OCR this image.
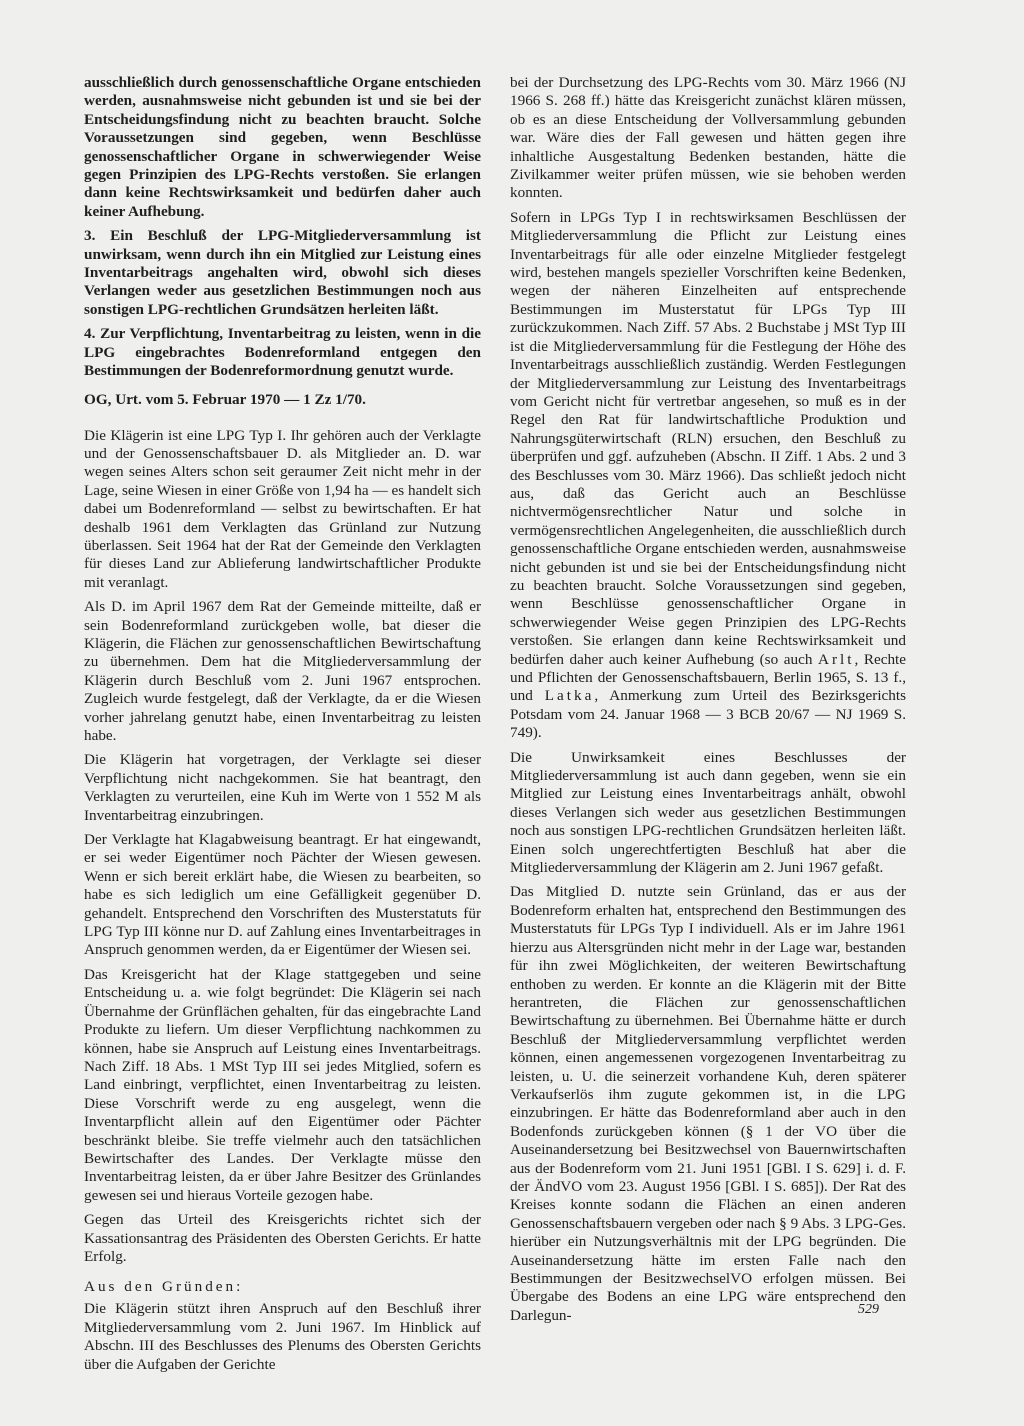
ausschließlich durch genossenschaftliche Organe entschieden werden, ausnahmsweise nicht gebunden ist und sie bei der Entscheidungsfindung nicht zu beachten braucht. Solche Voraussetzungen sind gegeben, wenn Beschlüsse genossenschaftlicher Organe in schwerwiegender Weise gegen Prinzipien des LPG-Rechts verstoßen. Sie erlangen dann keine Rechtswirksamkeit und bedürfen daher auch keiner Aufhebung.

3. Ein Beschluß der LPG-Mitgliederversammlung ist unwirksam, wenn durch ihn ein Mitglied zur Leistung eines Inventarbeitrags angehalten wird, obwohl sich dieses Verlangen weder aus gesetzlichen Bestimmungen noch aus sonstigen LPG-rechtlichen Grundsätzen herleiten läßt.

4. Zur Verpflichtung, Inventarbeitrag zu leisten, wenn in die LPG eingebrachtes Bodenreformland entgegen den Bestimmungen der Bodenreformordnung genutzt wurde.

OG, Urt. vom 5. Februar 1970 — 1 Zz 1/70.

Die Klägerin ist eine LPG Typ I. Ihr gehören auch der Verklagte und der Genossenschaftsbauer D. als Mitglieder an. D. war wegen seines Alters schon seit geraumer Zeit nicht mehr in der Lage, seine Wiesen in einer Größe von 1,94 ha — es handelt sich dabei um Bodenreformland — selbst zu bewirtschaften. Er hat deshalb 1961 dem Verklagten das Grünland zur Nutzung überlassen. Seit 1964 hat der Rat der Gemeinde den Verklagten für dieses Land zur Ablieferung landwirtschaftlicher Produkte mit veranlagt.

Als D. im April 1967 dem Rat der Gemeinde mitteilte, daß er sein Bodenreformland zurückgeben wolle, bat dieser die Klägerin, die Flächen zur genossenschaftlichen Bewirtschaftung zu übernehmen. Dem hat die Mitgliederversammlung der Klägerin durch Beschluß vom 2. Juni 1967 entsprochen. Zugleich wurde festgelegt, daß der Verklagte, da er die Wiesen vorher jahrelang genutzt habe, einen Inventarbeitrag zu leisten habe.

Die Klägerin hat vorgetragen, der Verklagte sei dieser Verpflichtung nicht nachgekommen. Sie hat beantragt, den Verklagten zu verurteilen, eine Kuh im Werte von 1 552 M als Inventarbeitrag einzubringen.

Der Verklagte hat Klagabweisung beantragt. Er hat eingewandt, er sei weder Eigentümer noch Pächter der Wiesen gewesen. Wenn er sich bereit erklärt habe, die Wiesen zu bearbeiten, so habe es sich lediglich um eine Gefälligkeit gegenüber D. gehandelt. Entsprechend den Vorschriften des Musterstatuts für LPG Typ III könne nur D. auf Zahlung eines Inventarbeitrages in Anspruch genommen werden, da er Eigentümer der Wiesen sei.

Das Kreisgericht hat der Klage stattgegeben und seine Entscheidung u. a. wie folgt begründet: Die Klägerin sei nach Übernahme der Grünflächen gehalten, für das eingebrachte Land Produkte zu liefern. Um dieser Verpflichtung nachkommen zu können, habe sie Anspruch auf Leistung eines Inventarbeitrags. Nach Ziff. 18 Abs. 1 MSt Typ III sei jedes Mitglied, sofern es Land einbringt, verpflichtet, einen Inventarbeitrag zu leisten. Diese Vorschrift werde zu eng ausgelegt, wenn die Inventarpflicht allein auf den Eigentümer oder Pächter beschränkt bleibe. Sie treffe vielmehr auch den tatsächlichen Bewirtschafter des Landes. Der Verklagte müsse den Inventarbeitrag leisten, da er über Jahre Besitzer des Grünlandes gewesen sei und hieraus Vorteile gezogen habe.

Gegen das Urteil des Kreisgerichts richtet sich der Kassationsantrag des Präsidenten des Obersten Gerichts. Er hatte Erfolg.

Aus den Gründen:

Die Klägerin stützt ihren Anspruch auf den Beschluß ihrer Mitgliederversammlung vom 2. Juni 1967. Im Hinblick auf Abschn. III des Beschlusses des Plenums des Obersten Gerichts über die Aufgaben der Gerichte

bei der Durchsetzung des LPG-Rechts vom 30. März 1966 (NJ 1966 S. 268 ff.) hätte das Kreisgericht zunächst klären müssen, ob es an diese Entscheidung der Vollversammlung gebunden war. Wäre dies der Fall gewesen und hätten gegen ihre inhaltliche Ausgestaltung Bedenken bestanden, hätte die Zivilkammer weiter prüfen müssen, wie sie behoben werden konnten.

Sofern in LPGs Typ I in rechtswirksamen Beschlüssen der Mitgliederversammlung die Pflicht zur Leistung eines Inventarbeitrags für alle oder einzelne Mitglieder festgelegt wird, bestehen mangels spezieller Vorschriften keine Bedenken, wegen der näheren Einzelheiten auf entsprechende Bestimmungen im Musterstatut für LPGs Typ III zurückzukommen. Nach Ziff. 57 Abs. 2 Buchstabe j MSt Typ III ist die Mitgliederversammlung für die Festlegung der Höhe des Inventarbeitrags ausschließlich zuständig. Werden Festlegungen der Mitgliederversammlung zur Leistung des Inventarbeitrags vom Gericht nicht für vertretbar angesehen, so muß es in der Regel den Rat für landwirtschaftliche Produktion und Nahrungsgüterwirtschaft (RLN) ersuchen, den Beschluß zu überprüfen und ggf. aufzuheben (Abschn. II Ziff. 1 Abs. 2 und 3 des Beschlusses vom 30. März 1966). Das schließt jedoch nicht aus, daß das Gericht auch an Beschlüsse nichtvermögensrechtlicher Natur und solche in vermögensrechtlichen Angelegenheiten, die ausschließlich durch genossenschaftliche Organe entschieden werden, ausnahmsweise nicht gebunden ist und sie bei der Entscheidungsfindung nicht zu beachten braucht. Solche Voraussetzungen sind gegeben, wenn Beschlüsse genossenschaftlicher Organe in schwerwiegender Weise gegen Prinzipien des LPG-Rechts verstoßen. Sie erlangen dann keine Rechtswirksamkeit und bedürfen daher auch keiner Aufhebung (so auch Arlt, Rechte und Pflichten der Genossenschaftsbauern, Berlin 1965, S. 13 f., und Latka, Anmerkung zum Urteil des Bezirksgerichts Potsdam vom 24. Januar 1968 — 3 BCB 20/67 — NJ 1969 S. 749).

Die Unwirksamkeit eines Beschlusses der Mitgliederversammlung ist auch dann gegeben, wenn sie ein Mitglied zur Leistung eines Inventarbeitrags anhält, obwohl dieses Verlangen sich weder aus gesetzlichen Bestimmungen noch aus sonstigen LPG-rechtlichen Grundsätzen herleiten läßt. Einen solch ungerechtfertigten Beschluß hat aber die Mitgliederversammlung der Klägerin am 2. Juni 1967 gefaßt.

Das Mitglied D. nutzte sein Grünland, das er aus der Bodenreform erhalten hat, entsprechend den Bestimmungen des Musterstatuts für LPGs Typ I individuell. Als er im Jahre 1961 hierzu aus Altersgründen nicht mehr in der Lage war, bestanden für ihn zwei Möglichkeiten, der weiteren Bewirtschaftung enthoben zu werden. Er konnte an die Klägerin mit der Bitte herantreten, die Flächen zur genossenschaftlichen Bewirtschaftung zu übernehmen. Bei Übernahme hätte er durch Beschluß der Mitgliederversammlung verpflichtet werden können, einen angemessenen vorgezogenen Inventarbeitrag zu leisten, u. U. die seinerzeit vorhandene Kuh, deren späterer Verkaufserlös ihm zugute gekommen ist, in die LPG einzubringen. Er hätte das Bodenreformland aber auch in den Bodenfonds zurückgeben können (§ 1 der VO über die Auseinandersetzung bei Besitzwechsel von Bauernwirtschaften aus der Bodenreform vom 21. Juni 1951 [GBl. I S. 629] i. d. F. der ÄndVO vom 23. August 1956 [GBl. I S. 685]). Der Rat des Kreises konnte sodann die Flächen an einen anderen Genossenschaftsbauern vergeben oder nach § 9 Abs. 3 LPG-Ges. hierüber ein Nutzungsverhältnis mit der LPG begründen. Die Auseinandersetzung hätte im ersten Falle nach den Bestimmungen der BesitzwechselVO erfolgen müssen. Bei Übergabe des Bodens an eine LPG wäre entsprechend den Darlegun-	529
